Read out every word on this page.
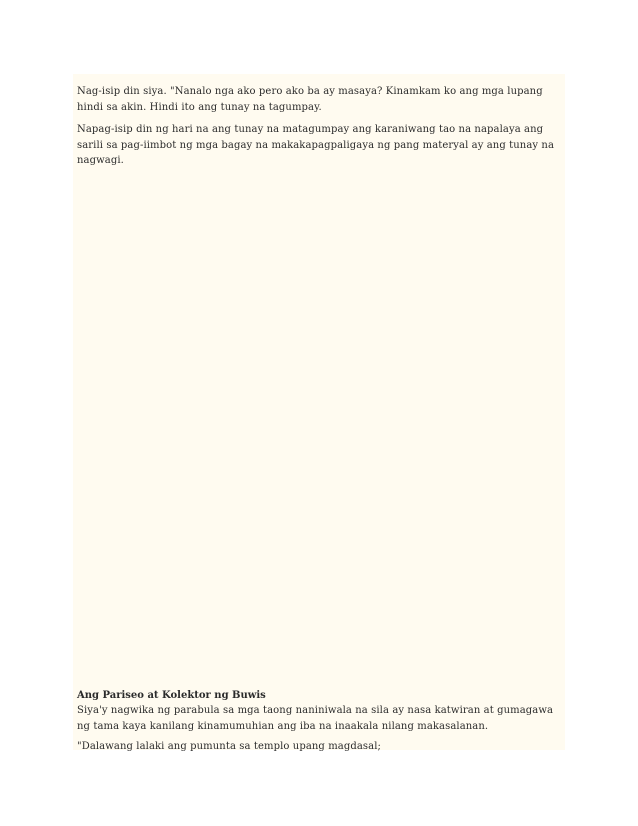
Nag-isip din siya. "Nanalo nga ako pero ako ba ay masaya? Kinamkam ko ang mga lupang hindi sa akin. Hindi ito ang tunay na tagumpay.

Napag-isip din ng hari na ang tunay na matagumpay ang karaniwang tao na napalaya ang sarili sa pag-iimbot ng mga bagay na makakapagpaligaya ng pang materyal ay ang tunay na nagwagi.

Ang Pariseo at Kolektor ng Buwis

Siya'y nagwika ng parabula sa mga taong naniniwala na sila ay nasa katwiran at gumagawa ng tama kaya kanilang kinamumuhian ang iba na inaakala nilang makasalanan.

"Dalawang lalaki ang pumunta sa templo upang magdasal;
